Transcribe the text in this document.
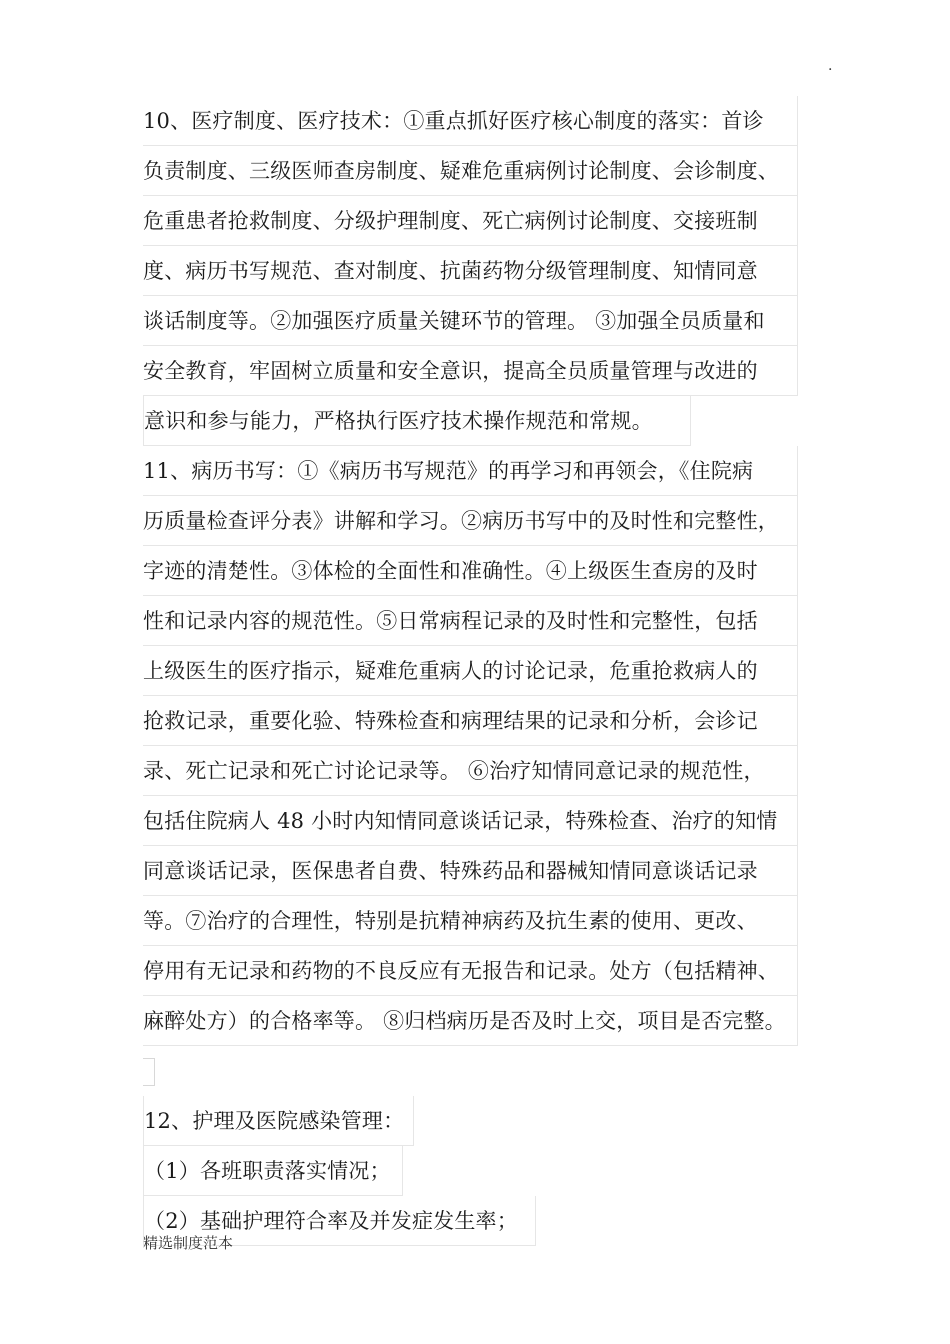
.
10、医疗制度、医疗技术：①重点抓好医疗核心制度的落实：首诊
负责制度、三级医师查房制度、疑难危重病例讨论制度、会诊制度、
危重患者抢救制度、分级护理制度、死亡病例讨论制度、交接班制
度、病历书写规范、查对制度、抗菌药物分级管理制度、知情同意
谈话制度等。②加强医疗质量关键环节的管理。 ③加强全员质量和
安全教育，牢固树立质量和安全意识，提高全员质量管理与改进的
意识和参与能力，严格执行医疗技术操作规范和常规。
11、病历书写：①《病历书写规范》的再学习和再领会，《住院病
历质量检查评分表》讲解和学习。②病历书写中的及时性和完整性，
字迹的清楚性。③体检的全面性和准确性。④上级医生查房的及时
性和记录内容的规范性。⑤日常病程记录的及时性和完整性，包括
上级医生的医疗指示，疑难危重病人的讨论记录，危重抢救病人的
抢救记录，重要化验、特殊检查和病理结果的记录和分析，会诊记
录、死亡记录和死亡讨论记录等。 ⑥治疗知情同意记录的规范性，
包括住院病人 48 小时内知情同意谈话记录，特殊检查、治疗的知情
同意谈话记录，医保患者自费、特殊药品和器械知情同意谈话记录
等。⑦治疗的合理性，特别是抗精神病药及抗生素的使用、更改、
停用有无记录和药物的不良反应有无报告和记录。处方（包括精神、
麻醉处方）的合格率等。 ⑧归档病历是否及时上交，项目是否完整。
12、护理及医院感染管理：
（1）各班职责落实情况；
（2）基础护理符合率及并发症发生率；
精选制度范本
